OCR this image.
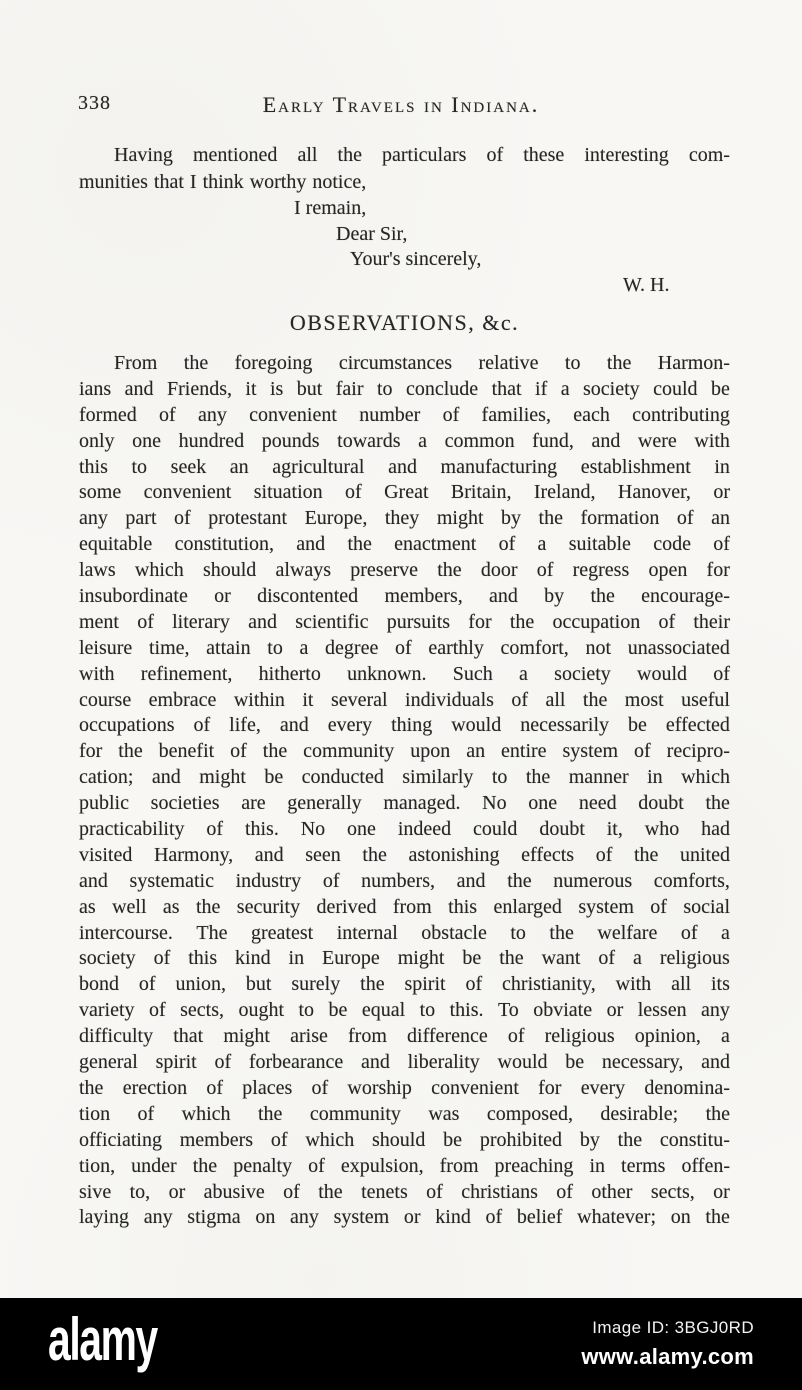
338	Early Travels in Indiana.
Having mentioned all the particulars of these interesting com-
munities that I think worthy notice,
I remain,
Dear Sir,
Your's sincerely,
W. H.
OBSERVATIONS, &c.
From the foregoing circumstances relative to the Harmon-
ians and Friends, it is but fair to conclude that if a society could be
formed of any convenient number of families, each contributing
only one hundred pounds towards a common fund, and were with
this to seek an agricultural and manufacturing establishment in
some convenient situation of Great Britain, Ireland, Hanover, or
any part of protestant Europe, they might by the formation of an
equitable constitution, and the enactment of a suitable code of
laws which should always preserve the door of regress open for
insubordinate or discontented members, and by the encourage-
ment of literary and scientific pursuits for the occupation of their
leisure time, attain to a degree of earthly comfort, not unassociated
with refinement, hitherto unknown. Such a society would of
course embrace within it several individuals of all the most useful
occupations of life, and every thing would necessarily be effected
for the benefit of the community upon an entire system of recipro-
cation; and might be conducted similarly to the manner in which
public societies are generally managed. No one need doubt the
practicability of this. No one indeed could doubt it, who had
visited Harmony, and seen the astonishing effects of the united
and systematic industry of numbers, and the numerous comforts,
as well as the security derived from this enlarged system of social
intercourse. The greatest internal obstacle to the welfare of a
society of this kind in Europe might be the want of a religious
bond of union, but surely the spirit of christianity, with all its
variety of sects, ought to be equal to this. To obviate or lessen any
difficulty that might arise from difference of religious opinion, a
general spirit of forbearance and liberality would be necessary, and
the erection of places of worship convenient for every denomina-
tion of which the community was composed, desirable; the
officiating members of which should be prohibited by the constitu-
tion, under the penalty of expulsion, from preaching in terms offen-
sive to, or abusive of the tenets of christians of other sects, or
laying any stigma on any system or kind of belief whatever; on the
alamy	Image ID: 3BGJ0RD
www.alamy.com
